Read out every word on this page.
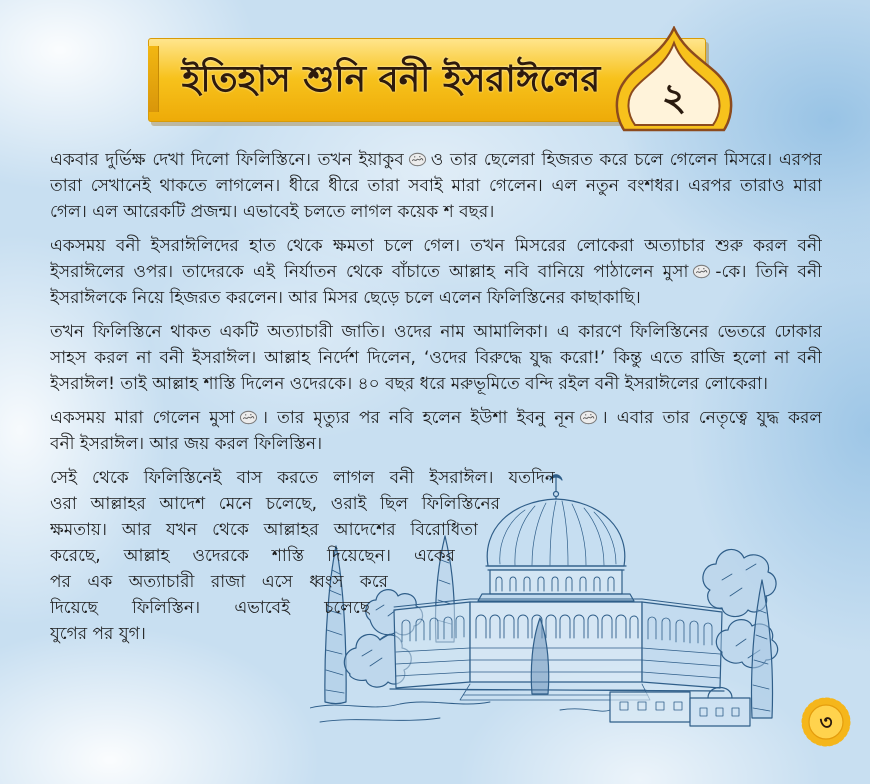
ইতিহাস শুনি বনী ইসরাঈলের	২
একবার দুর্ভিক্ষ দেখা দিলো ফিলিস্তিনে। তখন ইয়াকুব ও তার ছেলেরা হিজরত করে চলে গেলেন মিসরে। এরপর
তারা সেখানেই থাকতে লাগলেন। ধীরে ধীরে তারা সবাই মারা গেলেন। এল নতুন বংশধর। এরপর তারাও মারা
গেল। এল আরেকটি প্রজন্ম। এভাবেই চলতে লাগল কয়েক শ বছর।
একসময় বনী ইসরাঈলিদের হাত থেকে ক্ষমতা চলে গেল। তখন মিসরের লোকেরা অত্যাচার শুরু করল বনী
ইসরাঈলের ওপর। তাদেরকে এই নির্যাতন থেকে বাঁচাতে আল্লাহ নবি বানিয়ে পাঠালেন মুসা -কে। তিনি বনী
ইসরাঈলকে নিয়ে হিজরত করলেন। আর মিসর ছেড়ে চলে এলেন ফিলিস্তিনের কাছাকাছি।
তখন ফিলিস্তিনে থাকত একটি অত্যাচারী জাতি। ওদের নাম আমালিকা। এ কারণে ফিলিস্তিনের ভেতরে ঢোকার
সাহস করল না বনী ইসরাঈল। আল্লাহ নির্দেশ দিলেন, ‘ওদের বিরুদ্ধে যুদ্ধ করো!’ কিন্তু এতে রাজি হলো না বনী
ইসরাঈল! তাই আল্লাহ শাস্তি দিলেন ওদেরকে। ৪০ বছর ধরে মরুভূমিতে বন্দি রইল বনী ইসরাঈলের লোকেরা।
একসময় মারা গেলেন মুসা । তার মৃত্যুর পর নবি হলেন ইউশা ইবনু নূন । এবার তার নেতৃত্বে যুদ্ধ করল
বনী ইসরাঈল। আর জয় করল ফিলিস্তিন।
সেই থেকে ফিলিস্তিনেই বাস করতে লাগল বনী ইসরাঈল। যতদিন
ওরা আল্লাহর আদেশ মেনে চলেছে, ওরাই ছিল ফিলিস্তিনের
ক্ষমতায়। আর যখন থেকে আল্লাহর আদেশের বিরোধিতা
করেছে, আল্লাহ ওদেরকে শাস্তি দিয়েছেন। একের
পর এক অত্যাচারী রাজা এসে ধ্বংস করে
দিয়েছে ফিলিস্তিন। এভাবেই চলেছে
যুগের পর যুগ।
৩
